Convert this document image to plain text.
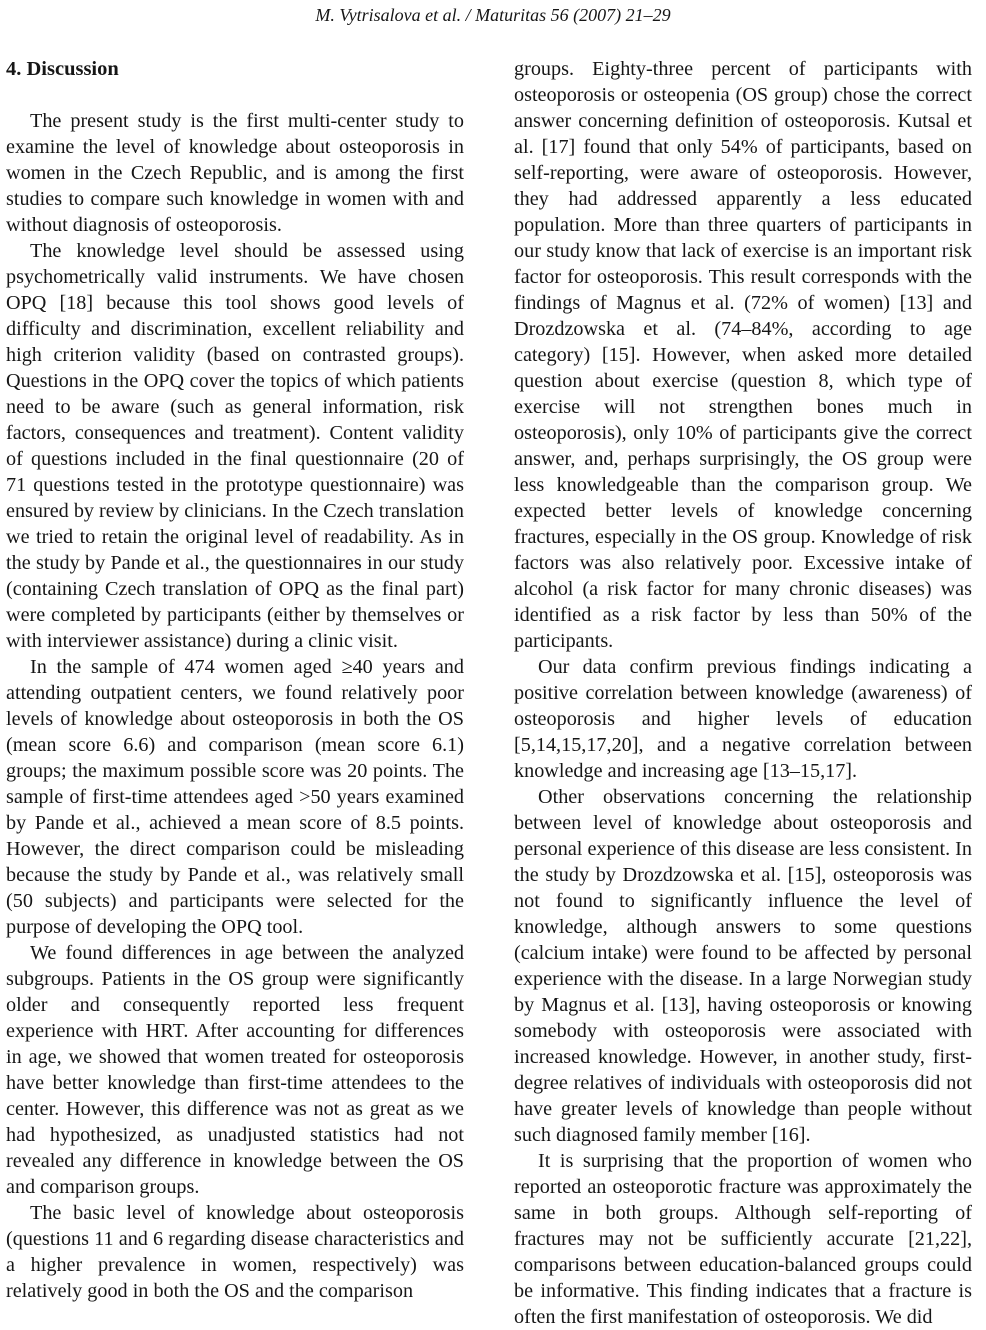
M. Vytrisalova et al. / Maturitas 56 (2007) 21–29
4. Discussion

The present study is the first multi-center study to examine the level of knowledge about osteoporosis in women in the Czech Republic, and is among the first studies to compare such knowledge in women with and without diagnosis of osteoporosis.

The knowledge level should be assessed using psychometrically valid instruments. We have chosen OPQ [18] because this tool shows good levels of difficulty and discrimination, excellent reliability and high criterion validity (based on contrasted groups). Questions in the OPQ cover the topics of which patients need to be aware (such as general information, risk factors, consequences and treatment). Content validity of questions included in the final questionnaire (20 of 71 questions tested in the prototype questionnaire) was ensured by review by clinicians. In the Czech translation we tried to retain the original level of readability. As in the study by Pande et al., the questionnaires in our study (containing Czech translation of OPQ as the final part) were completed by participants (either by themselves or with interviewer assistance) during a clinic visit.

In the sample of 474 women aged ≥40 years and attending outpatient centers, we found relatively poor levels of knowledge about osteoporosis in both the OS (mean score 6.6) and comparison (mean score 6.1) groups; the maximum possible score was 20 points. The sample of first-time attendees aged >50 years examined by Pande et al., achieved a mean score of 8.5 points. However, the direct comparison could be misleading because the study by Pande et al., was relatively small (50 subjects) and participants were selected for the purpose of developing the OPQ tool.

We found differences in age between the analyzed subgroups. Patients in the OS group were significantly older and consequently reported less frequent experience with HRT. After accounting for differences in age, we showed that women treated for osteoporosis have better knowledge than first-time attendees to the center. However, this difference was not as great as we had hypothesized, as unadjusted statistics had not revealed any difference in knowledge between the OS and comparison groups.

The basic level of knowledge about osteoporosis (questions 11 and 6 regarding disease characteristics and a higher prevalence in women, respectively) was relatively good in both the OS and the comparison

groups. Eighty-three percent of participants with osteoporosis or osteopenia (OS group) chose the correct answer concerning definition of osteoporosis. Kutsal et al. [17] found that only 54% of participants, based on self-reporting, were aware of osteoporosis. However, they had addressed apparently a less educated population. More than three quarters of participants in our study know that lack of exercise is an important risk factor for osteoporosis. This result corresponds with the findings of Magnus et al. (72% of women) [13] and Drozdzowska et al. (74–84%, according to age category) [15]. However, when asked more detailed question about exercise (question 8, which type of exercise will not strengthen bones much in osteoporosis), only 10% of participants give the correct answer, and, perhaps surprisingly, the OS group were less knowledgeable than the comparison group. We expected better levels of knowledge concerning fractures, especially in the OS group. Knowledge of risk factors was also relatively poor. Excessive intake of alcohol (a risk factor for many chronic diseases) was identified as a risk factor by less than 50% of the participants.

Our data confirm previous findings indicating a positive correlation between knowledge (awareness) of osteoporosis and higher levels of education [5,14,15,17,20], and a negative correlation between knowledge and increasing age [13–15,17].

Other observations concerning the relationship between level of knowledge about osteoporosis and personal experience of this disease are less consistent. In the study by Drozdzowska et al. [15], osteoporosis was not found to significantly influence the level of knowledge, although answers to some questions (calcium intake) were found to be affected by personal experience with the disease. In a large Norwegian study by Magnus et al. [13], having osteoporosis or knowing somebody with osteoporosis were associated with increased knowledge. However, in another study, first-degree relatives of individuals with osteoporosis did not have greater levels of knowledge than people without such diagnosed family member [16].

It is surprising that the proportion of women who reported an osteoporotic fracture was approximately the same in both groups. Although self-reporting of fractures may not be sufficiently accurate [21,22], comparisons between education-balanced groups could be informative. This finding indicates that a fracture is often the first manifestation of osteoporosis. We did
